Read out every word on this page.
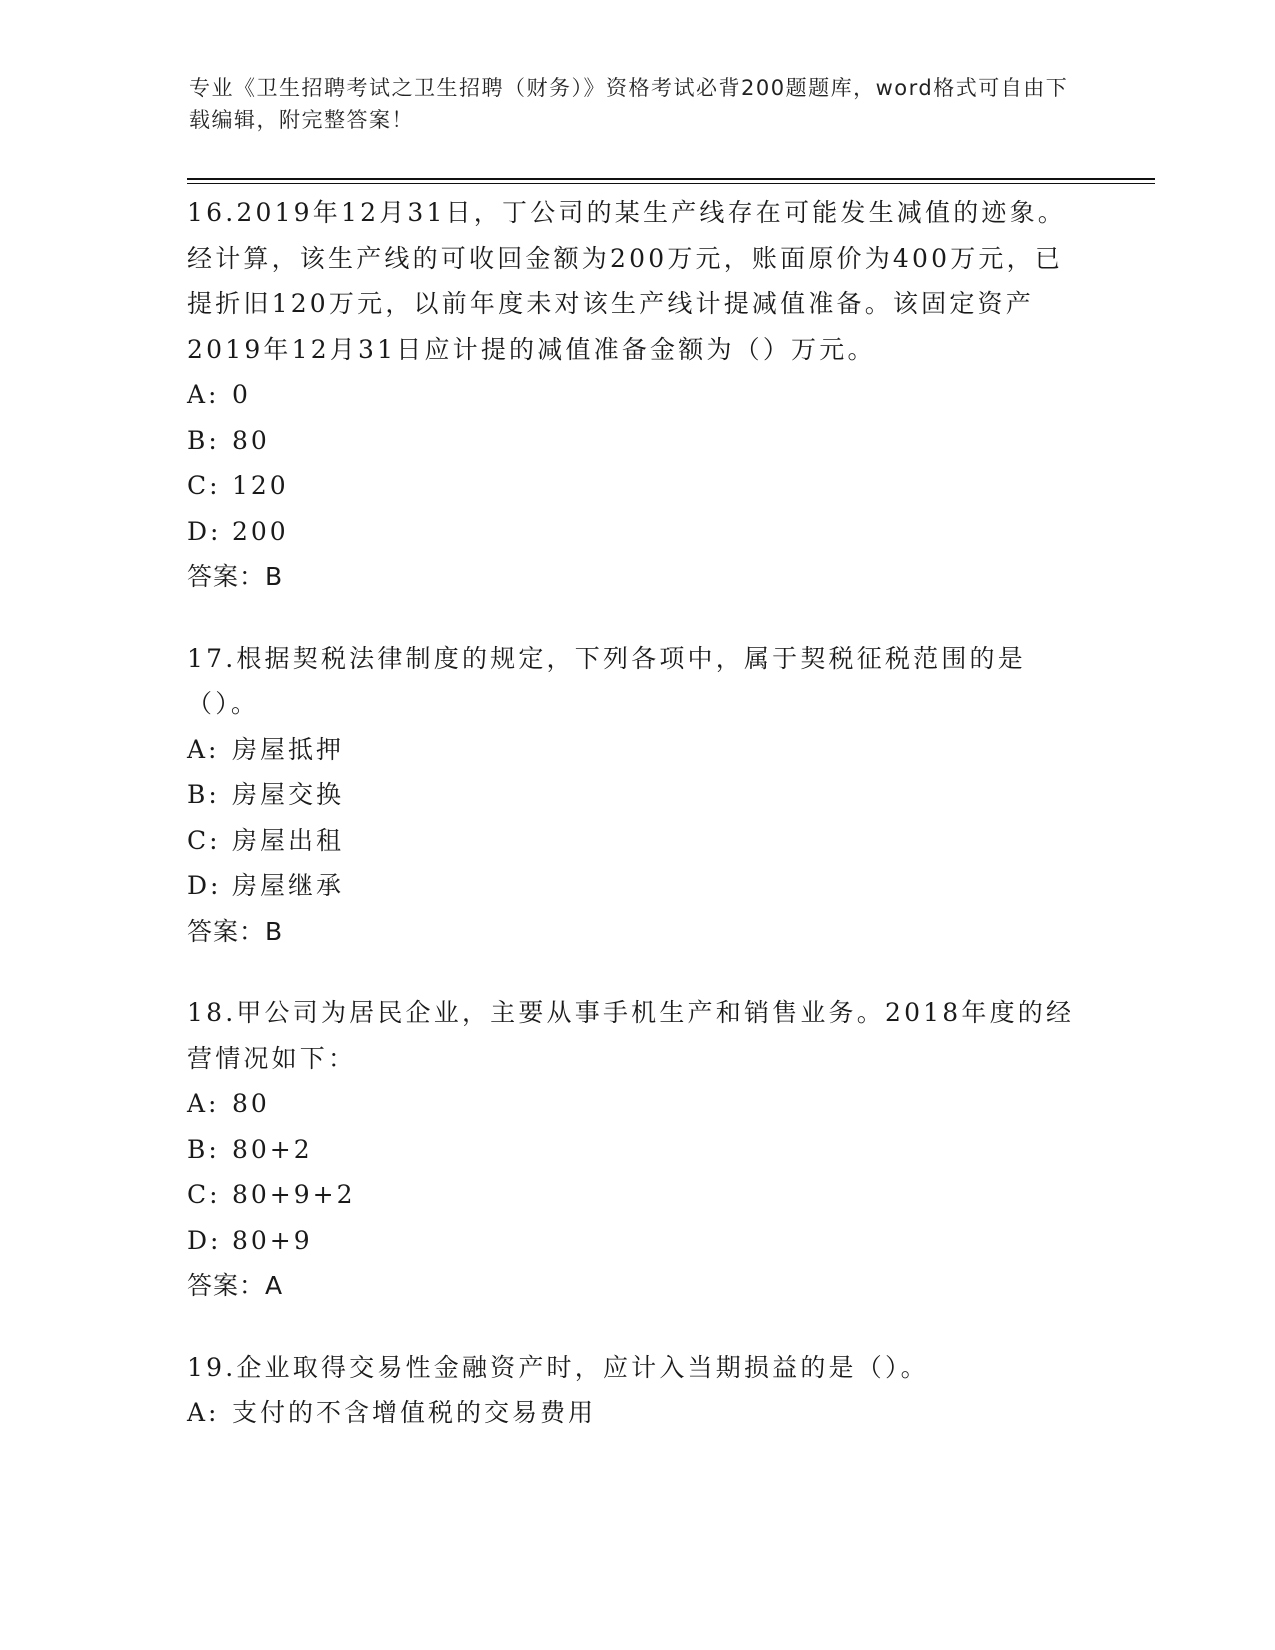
专业《卫生招聘考试之卫生招聘（财务）》资格考试必背200题题库，word格式可自由下载编辑，附完整答案！

16.2019年12月31日，丁公司的某生产线存在可能发生减值的迹象。经计算，该生产线的可收回金额为200万元，账面原价为400万元，已提折旧120万元，以前年度未对该生产线计提减值准备。该固定资产2019年12月31日应计提的减值准备金额为（）万元。

A: 0

B: 80

C: 120

D: 200

答案：B

17.根据契税法律制度的规定，下列各项中，属于契税征税范围的是（）。

A: 房屋抵押

B: 房屋交换

C: 房屋出租

D: 房屋继承

答案：B

18.甲公司为居民企业，主要从事手机生产和销售业务。2018年度的经营情况如下：

A: 80

B: 80+2

C: 80+9+2

D: 80+9

答案：A

19.企业取得交易性金融资产时，应计入当期损益的是（）。

A: 支付的不含增值税的交易费用
